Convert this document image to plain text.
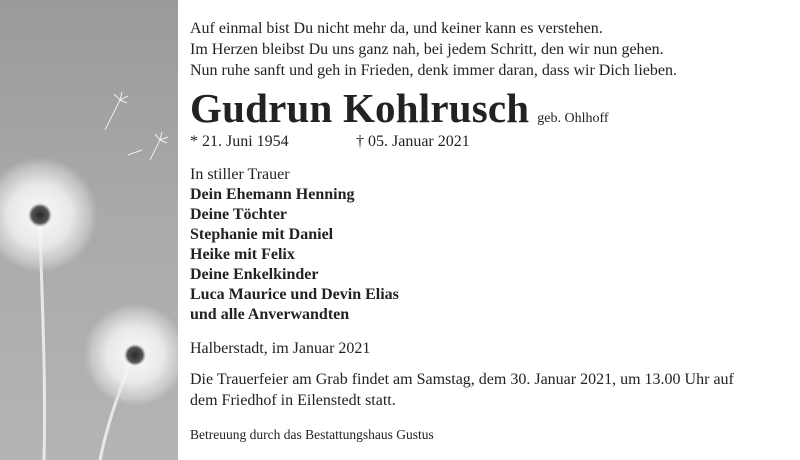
Auf einmal bist Du nicht mehr da, und keiner kann es verstehen.
Im Herzen bleibst Du uns ganz nah, bei jedem Schritt, den wir nun gehen.
Nun ruhe sanft und geh in Frieden, denk immer daran, dass wir Dich lieben.
Gudrun Kohlrusch geb. Ohlhoff
* 21. Juni 1954	† 05. Januar 2021
In stiller Trauer
Dein Ehemann Henning
Deine Töchter
Stephanie mit Daniel
Heike mit Felix
Deine Enkelkinder
Luca Maurice und Devin Elias
und alle Anverwandten
Halberstadt, im Januar 2021
Die Trauerfeier am Grab findet am Samstag, dem 30. Januar 2021, um 13.00 Uhr auf
dem Friedhof in Eilenstedt statt.
Betreuung durch das Bestattungshaus Gustus
